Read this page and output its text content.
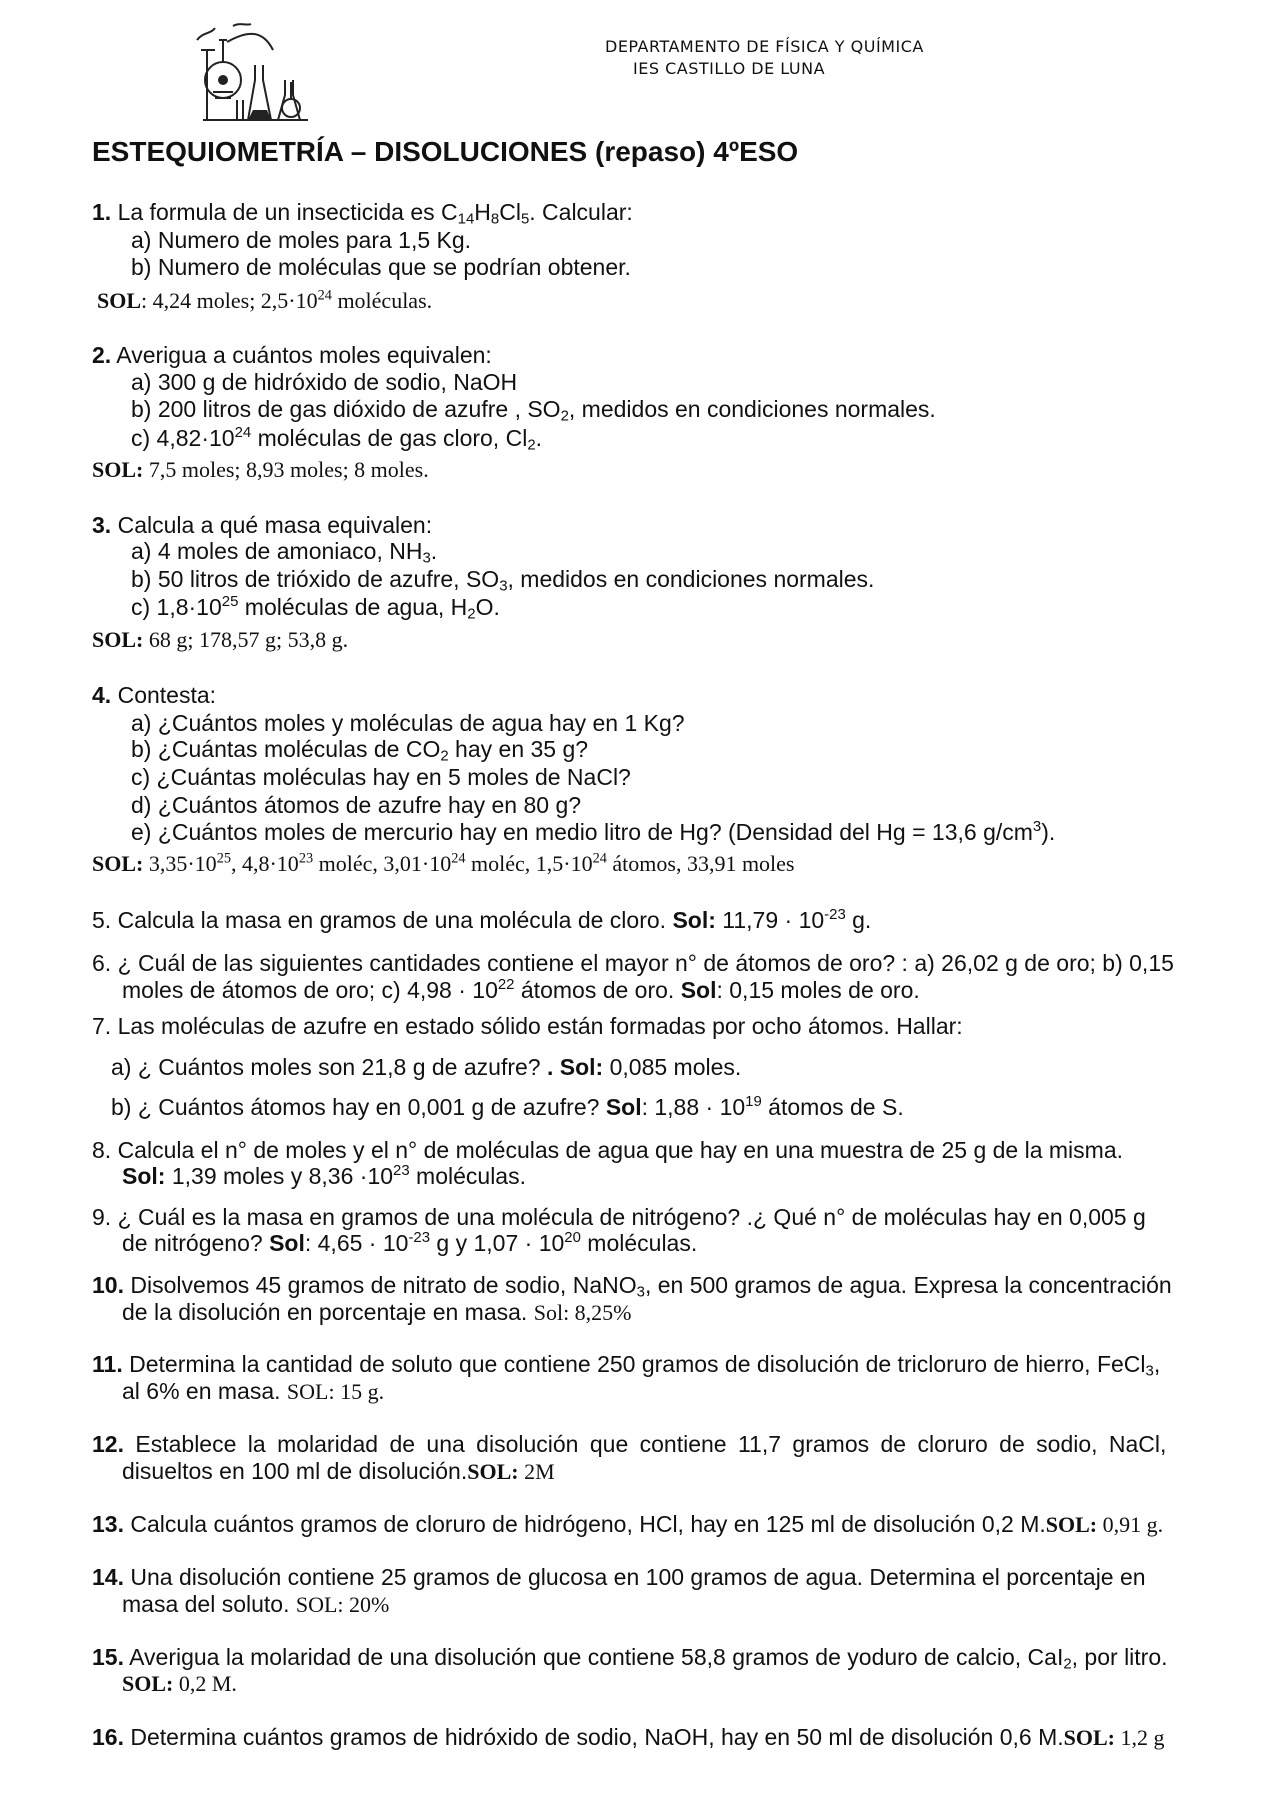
DEPARTAMENTO DE FÍSICA Y QUÍMICA
IES CASTILLO DE LUNA
ESTEQUIOMETRÍA – DISOLUCIONES (repaso) 4ºESO
1. La formula de un insecticida es $C_{14}H_8Cl_5$. Calcular:
a) Numero de moles para 1,5 Kg.
b) Numero de moléculas que se podrían obtener.
SOL: 4,24 moles; $2,5\cdot 10^{24}$ moléculas.
2. Averigua a cuántos moles equivalen:
a) 300 g de hidróxido de sodio, NaOH
b) 200 litros de gas dióxido de azufre , $SO_2$, medidos en condiciones normales.
c) $4,82\cdot 10^{24}$ moléculas de gas cloro, $Cl_2$.
SOL: 7,5 moles; 8,93 moles; 8 moles.
3. Calcula a qué masa equivalen:
a) 4 moles de amoniaco, $NH_3$.
b) 50 litros de trióxido de azufre, $SO_3$, medidos en condiciones normales.
c) $1,8\cdot 10^{25}$ moléculas de agua, $H_2O$.
SOL: 68 g; 178,57 g; 53,8 g.
4. Contesta:
a) ¿Cuántos moles y moléculas de agua hay en 1 Kg?
b) ¿Cuántas moléculas de $CO_2$ hay en 35 g?
c) ¿Cuántas moléculas hay en 5 moles de NaCl?
d) ¿Cuántos átomos de azufre hay en 80 g?
e) ¿Cuántos moles de mercurio hay en medio litro de Hg? (Densidad del Hg = 13,6 $g/cm^3$).
SOL: $3,35\cdot 10^{25}$, $4,8\cdot 10^{23}$ moléc, $3,01\cdot 10^{24}$ moléc, $1,5\cdot 10^{24}$ átomos, 33,91 moles
5. Calcula la masa en gramos de una molécula de cloro. Sol: $11,79 \cdot 10^{-23}$ g.
6. ¿ Cuál de las siguientes cantidades contiene el mayor n° de átomos de oro? : a) 26,02 g de oro; b) 0,15
moles de átomos de oro; c) $4,98 \cdot 10^{22}$ átomos de oro. Sol: 0,15 moles de oro.
7. Las moléculas de azufre en estado sólido están formadas por ocho átomos. Hallar:
a) ¿ Cuántos moles son 21,8 g de azufre? . Sol: 0,085 moles.
b) ¿ Cuántos átomos hay en 0,001 g de azufre? Sol: $1,88 \cdot 10^{19}$ átomos de S.
8. Calcula el n° de moles y el n° de moléculas de agua que hay en una muestra de 25 g de la misma.
Sol: 1,39 moles y $8,36 \cdot 10^{23}$ moléculas.
9. ¿ Cuál es la masa en gramos de una molécula de nitrógeno? .¿ Qué n° de moléculas hay en 0,005 g
de nitrógeno? Sol: $4,65 \cdot 10^{-23}$ g y $1,07 \cdot 10^{20}$ moléculas.
10. Disolvemos 45 gramos de nitrato de sodio, NaNO$_3$, en 500 gramos de agua. Expresa la concentración
de la disolución en porcentaje en masa. Sol: 8,25%
11. Determina la cantidad de soluto que contiene 250 gramos de disolución de tricloruro de hierro, FeCl$_3$,
al 6% en masa. SOL: 15 g.
12. Establece la molaridad de una disolución que contiene 11,7 gramos de cloruro de sodio, NaCl,
disueltos en 100 ml de disolución.SOL: 2M
13. Calcula cuántos gramos de cloruro de hidrógeno, HCl, hay en 125 ml de disolución 0,2 M.SOL: 0,91 g.
14. Una disolución contiene 25 gramos de glucosa en 100 gramos de agua. Determina el porcentaje en
masa del soluto. SOL: 20%
15. Averigua la molaridad de una disolución que contiene 58,8 gramos de yoduro de calcio, CaI$_2$, por litro.
SOL: 0,2 M.
16. Determina cuántos gramos de hidróxido de sodio, NaOH, hay en 50 ml de disolución 0,6 M.SOL: 1,2 g
